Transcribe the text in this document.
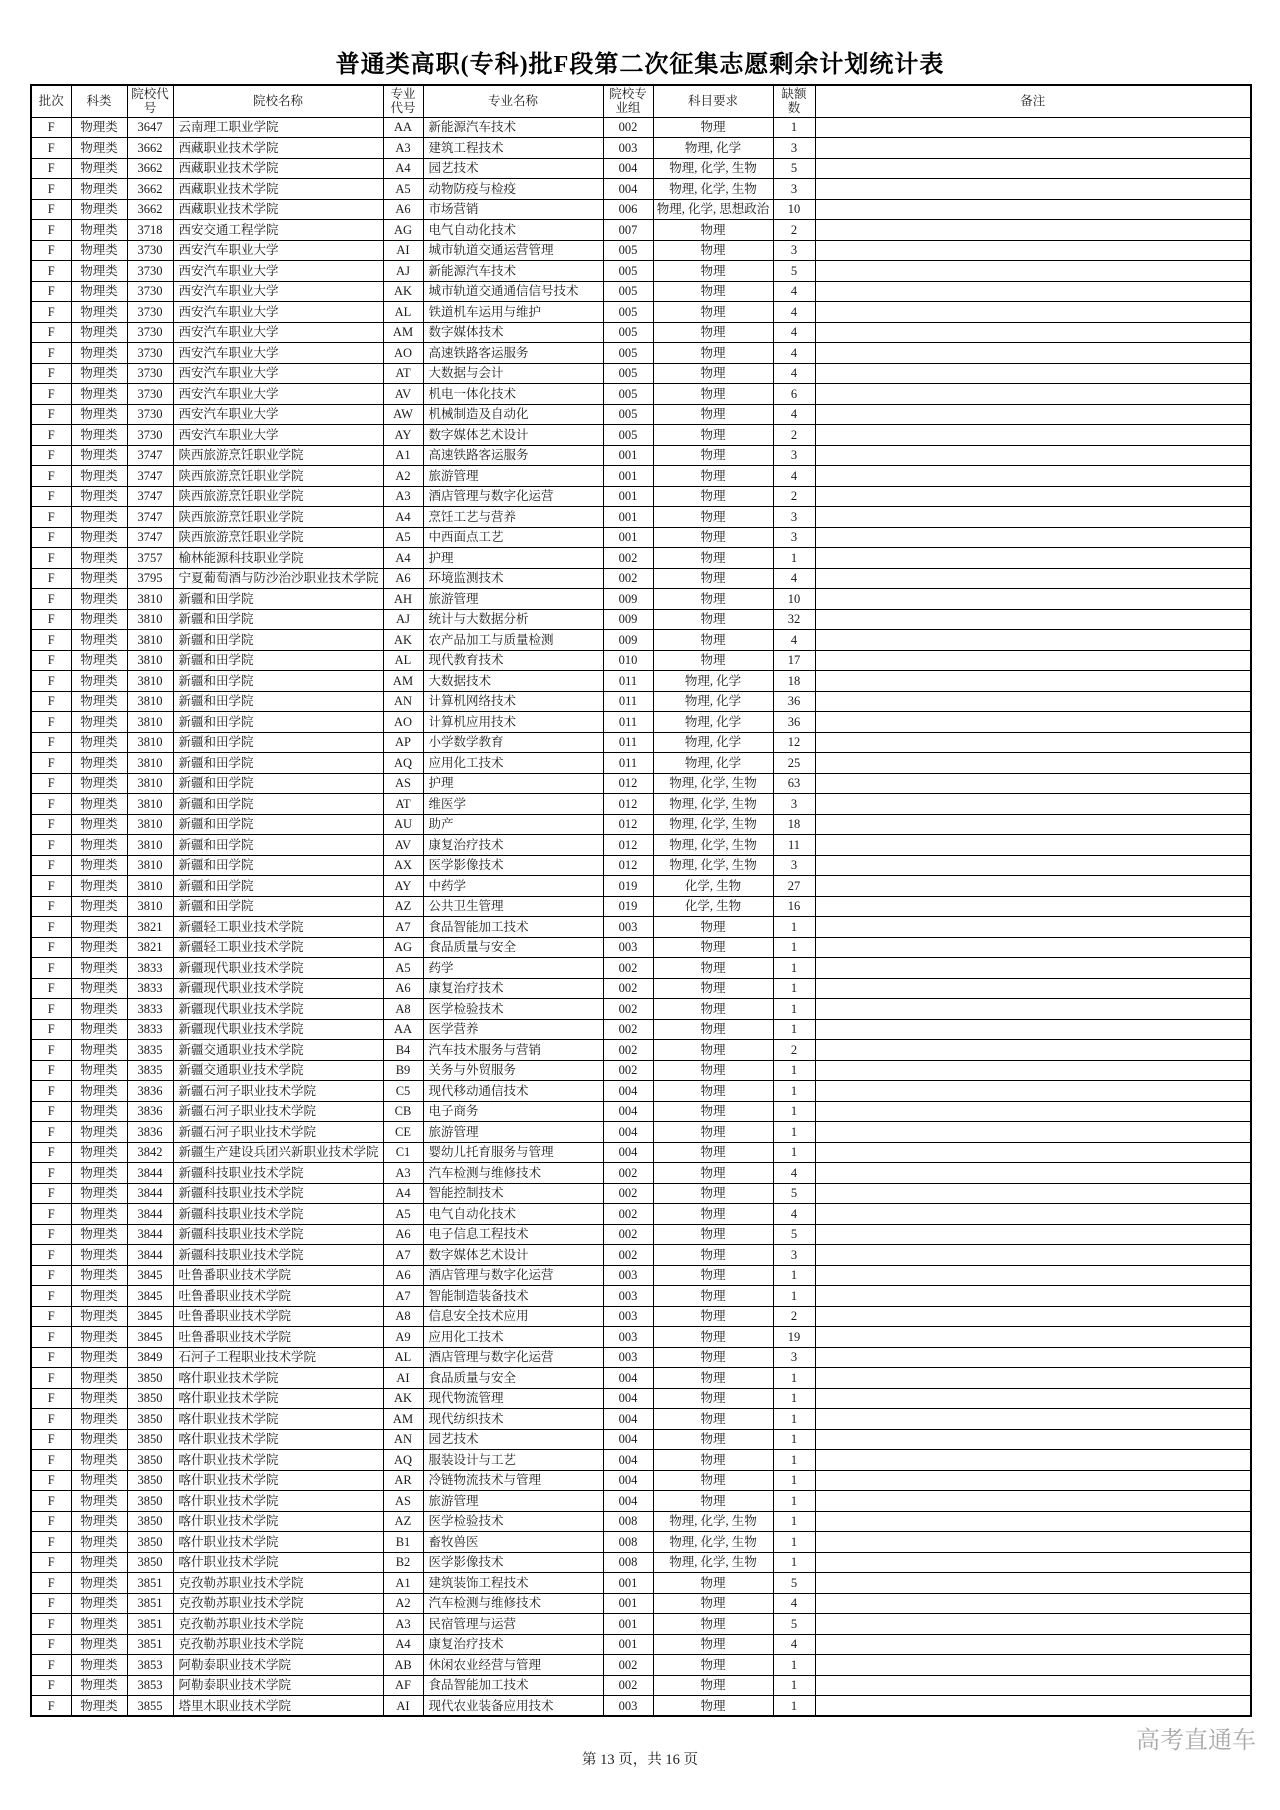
普通类高职(专科)批F段第二次征集志愿剩余计划统计表
批次	科类	院校代号	院校名称	专业代号	专业名称	院校专业组	科目要求	缺额数	备注
F	物理类	3647	云南理工职业学院	AA	新能源汽车技术	002	物理	1	
F	物理类	3662	西藏职业技术学院	A3	建筑工程技术	003	物理, 化学	3	
F	物理类	3662	西藏职业技术学院	A4	园艺技术	004	物理, 化学, 生物	5	
F	物理类	3662	西藏职业技术学院	A5	动物防疫与检疫	004	物理, 化学, 生物	3	
F	物理类	3662	西藏职业技术学院	A6	市场营销	006	物理, 化学, 思想政治	10	
F	物理类	3718	西安交通工程学院	AG	电气自动化技术	007	物理	2	
F	物理类	3730	西安汽车职业大学	AI	城市轨道交通运营管理	005	物理	3	
F	物理类	3730	西安汽车职业大学	AJ	新能源汽车技术	005	物理	5	
F	物理类	3730	西安汽车职业大学	AK	城市轨道交通通信信号技术	005	物理	4	
F	物理类	3730	西安汽车职业大学	AL	铁道机车运用与维护	005	物理	4	
F	物理类	3730	西安汽车职业大学	AM	数字媒体技术	005	物理	4	
F	物理类	3730	西安汽车职业大学	AO	高速铁路客运服务	005	物理	4	
F	物理类	3730	西安汽车职业大学	AT	大数据与会计	005	物理	4	
F	物理类	3730	西安汽车职业大学	AV	机电一体化技术	005	物理	6	
F	物理类	3730	西安汽车职业大学	AW	机械制造及自动化	005	物理	4	
F	物理类	3730	西安汽车职业大学	AY	数字媒体艺术设计	005	物理	2	
F	物理类	3747	陕西旅游烹饪职业学院	A1	高速铁路客运服务	001	物理	3	
F	物理类	3747	陕西旅游烹饪职业学院	A2	旅游管理	001	物理	4	
F	物理类	3747	陕西旅游烹饪职业学院	A3	酒店管理与数字化运营	001	物理	2	
F	物理类	3747	陕西旅游烹饪职业学院	A4	烹饪工艺与营养	001	物理	3	
F	物理类	3747	陕西旅游烹饪职业学院	A5	中西面点工艺	001	物理	3	
F	物理类	3757	榆林能源科技职业学院	A4	护理	002	物理	1	
F	物理类	3795	宁夏葡萄酒与防沙治沙职业技术学院	A6	环境监测技术	002	物理	4	
F	物理类	3810	新疆和田学院	AH	旅游管理	009	物理	10	
F	物理类	3810	新疆和田学院	AJ	统计与大数据分析	009	物理	32	
F	物理类	3810	新疆和田学院	AK	农产品加工与质量检测	009	物理	4	
F	物理类	3810	新疆和田学院	AL	现代教育技术	010	物理	17	
F	物理类	3810	新疆和田学院	AM	大数据技术	011	物理, 化学	18	
F	物理类	3810	新疆和田学院	AN	计算机网络技术	011	物理, 化学	36	
F	物理类	3810	新疆和田学院	AO	计算机应用技术	011	物理, 化学	36	
F	物理类	3810	新疆和田学院	AP	小学数学教育	011	物理, 化学	12	
F	物理类	3810	新疆和田学院	AQ	应用化工技术	011	物理, 化学	25	
F	物理类	3810	新疆和田学院	AS	护理	012	物理, 化学, 生物	63	
F	物理类	3810	新疆和田学院	AT	维医学	012	物理, 化学, 生物	3	
F	物理类	3810	新疆和田学院	AU	助产	012	物理, 化学, 生物	18	
F	物理类	3810	新疆和田学院	AV	康复治疗技术	012	物理, 化学, 生物	11	
F	物理类	3810	新疆和田学院	AX	医学影像技术	012	物理, 化学, 生物	3	
F	物理类	3810	新疆和田学院	AY	中药学	019	化学, 生物	27	
F	物理类	3810	新疆和田学院	AZ	公共卫生管理	019	化学, 生物	16	
F	物理类	3821	新疆轻工职业技术学院	A7	食品智能加工技术	003	物理	1	
F	物理类	3821	新疆轻工职业技术学院	AG	食品质量与安全	003	物理	1	
F	物理类	3833	新疆现代职业技术学院	A5	药学	002	物理	1	
F	物理类	3833	新疆现代职业技术学院	A6	康复治疗技术	002	物理	1	
F	物理类	3833	新疆现代职业技术学院	A8	医学检验技术	002	物理	1	
F	物理类	3833	新疆现代职业技术学院	AA	医学营养	002	物理	1	
F	物理类	3835	新疆交通职业技术学院	B4	汽车技术服务与营销	002	物理	2	
F	物理类	3835	新疆交通职业技术学院	B9	关务与外贸服务	002	物理	1	
F	物理类	3836	新疆石河子职业技术学院	C5	现代移动通信技术	004	物理	1	
F	物理类	3836	新疆石河子职业技术学院	CB	电子商务	004	物理	1	
F	物理类	3836	新疆石河子职业技术学院	CE	旅游管理	004	物理	1	
F	物理类	3842	新疆生产建设兵团兴新职业技术学院	C1	婴幼儿托育服务与管理	004	物理	1	
F	物理类	3844	新疆科技职业技术学院	A3	汽车检测与维修技术	002	物理	4	
F	物理类	3844	新疆科技职业技术学院	A4	智能控制技术	002	物理	5	
F	物理类	3844	新疆科技职业技术学院	A5	电气自动化技术	002	物理	4	
F	物理类	3844	新疆科技职业技术学院	A6	电子信息工程技术	002	物理	5	
F	物理类	3844	新疆科技职业技术学院	A7	数字媒体艺术设计	002	物理	3	
F	物理类	3845	吐鲁番职业技术学院	A6	酒店管理与数字化运营	003	物理	1	
F	物理类	3845	吐鲁番职业技术学院	A7	智能制造装备技术	003	物理	1	
F	物理类	3845	吐鲁番职业技术学院	A8	信息安全技术应用	003	物理	2	
F	物理类	3845	吐鲁番职业技术学院	A9	应用化工技术	003	物理	19	
F	物理类	3849	石河子工程职业技术学院	AL	酒店管理与数字化运营	003	物理	3	
F	物理类	3850	喀什职业技术学院	AI	食品质量与安全	004	物理	1	
F	物理类	3850	喀什职业技术学院	AK	现代物流管理	004	物理	1	
F	物理类	3850	喀什职业技术学院	AM	现代纺织技术	004	物理	1	
F	物理类	3850	喀什职业技术学院	AN	园艺技术	004	物理	1	
F	物理类	3850	喀什职业技术学院	AQ	服装设计与工艺	004	物理	1	
F	物理类	3850	喀什职业技术学院	AR	冷链物流技术与管理	004	物理	1	
F	物理类	3850	喀什职业技术学院	AS	旅游管理	004	物理	1	
F	物理类	3850	喀什职业技术学院	AZ	医学检验技术	008	物理, 化学, 生物	1	
F	物理类	3850	喀什职业技术学院	B1	畜牧兽医	008	物理, 化学, 生物	1	
F	物理类	3850	喀什职业技术学院	B2	医学影像技术	008	物理, 化学, 生物	1	
F	物理类	3851	克孜勒苏职业技术学院	A1	建筑装饰工程技术	001	物理	5	
F	物理类	3851	克孜勒苏职业技术学院	A2	汽车检测与维修技术	001	物理	4	
F	物理类	3851	克孜勒苏职业技术学院	A3	民宿管理与运营	001	物理	5	
F	物理类	3851	克孜勒苏职业技术学院	A4	康复治疗技术	001	物理	4	
F	物理类	3853	阿勒泰职业技术学院	AB	休闲农业经营与管理	002	物理	1	
F	物理类	3853	阿勒泰职业技术学院	AF	食品智能加工技术	002	物理	1	
F	物理类	3855	塔里木职业技术学院	AI	现代农业装备应用技术	003	物理	1	
第 13 页，共 16 页
高考直通车
